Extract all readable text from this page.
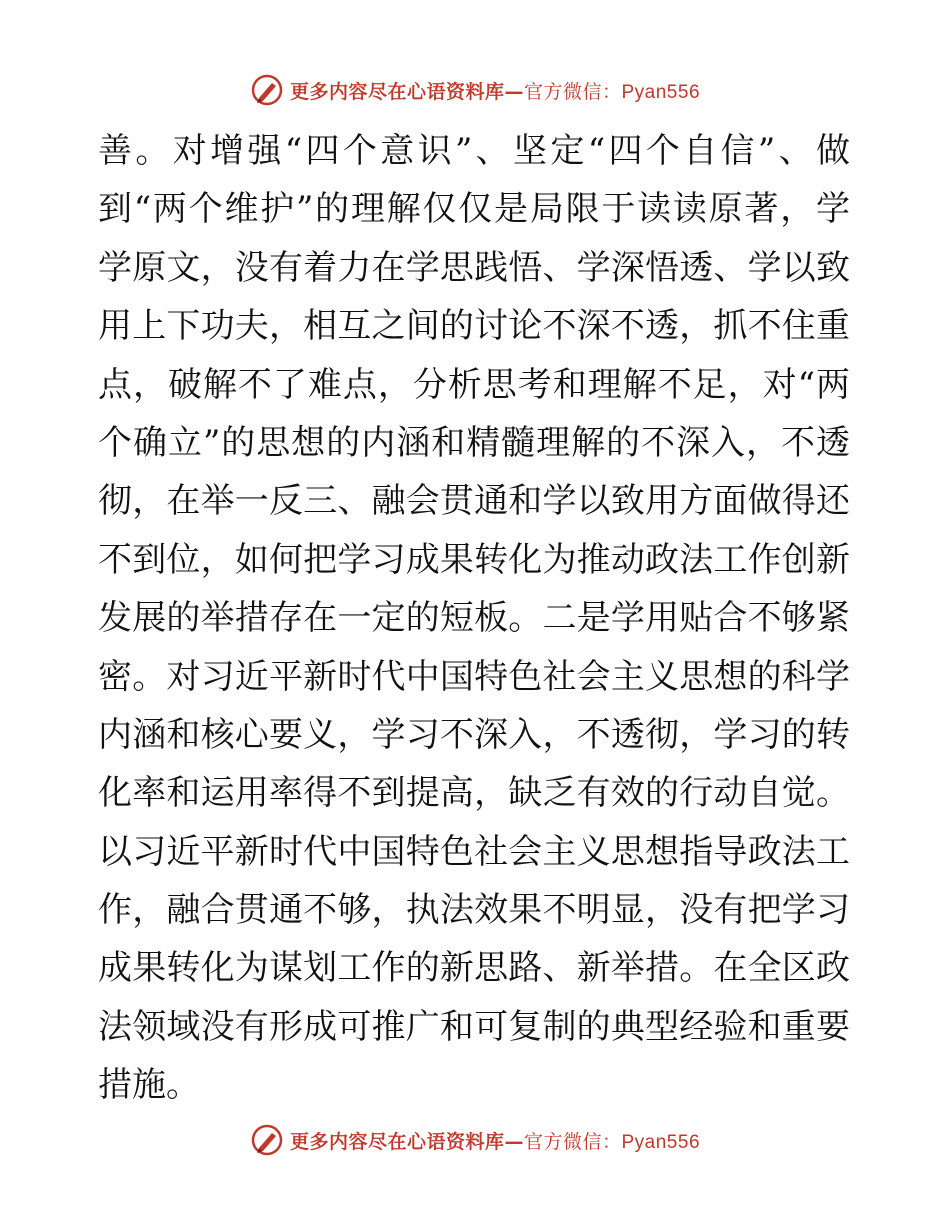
更多内容尽在心语资料库 — 官方微信： Pyan556
善。对增强“四个意识”、坚定“四个自信”、做
到“两个维护”的理解仅仅是局限于读读原著，学
学原文，没有着力在学思践悟、学深悟透、学以致
用上下功夫，相互之间的讨论不深不透，抓不住重
点，破解不了难点，分析思考和理解不足，对“两
个确立”的思想的内涵和精髓理解的不深入，不透
彻，在举一反三、融会贯通和学以致用方面做得还
不到位，如何把学习成果转化为推动政法工作创新
发展的举措存在一定的短板。二是学用贴合不够紧
密。对习近平新时代中国特色社会主义思想的科学
内涵和核心要义，学习不深入，不透彻，学习的转
化率和运用率得不到提高，缺乏有效的行动自觉。
以习近平新时代中国特色社会主义思想指导政法工
作，融合贯通不够，执法效果不明显，没有把学习
成果转化为谋划工作的新思路、新举措。在全区政
法领域没有形成可推广和可复制的典型经验和重要
措施。
更多内容尽在心语资料库 — 官方微信： Pyan556
